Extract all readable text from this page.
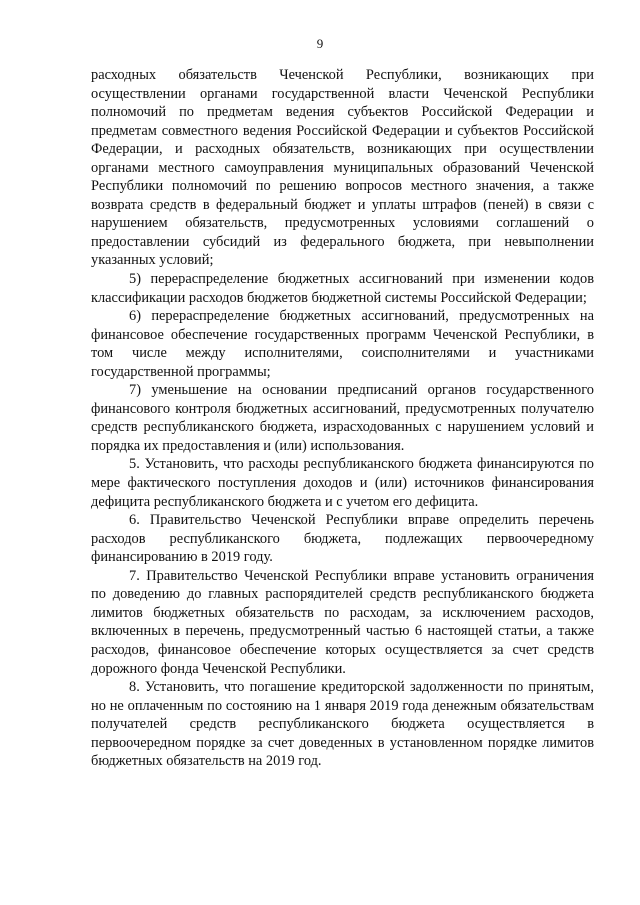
9

расходных обязательств Чеченской Республики, возникающих при осуществлении органами государственной власти Чеченской Республики полномочий по предметам ведения субъектов Российской Федерации и предметам совместного ведения Российской Федерации и субъектов Российской Федерации, и расходных обязательств, возникающих при осуществлении органами местного самоуправления муниципальных образований Чеченской Республики полномочий по решению вопросов местного значения, а также возврата средств в федеральный бюджет и уплаты штрафов (пеней) в связи с нарушением обязательств, предусмотренных условиями соглашений о предоставлении субсидий из федерального бюджета, при невыполнении указанных условий;

5) перераспределение бюджетных ассигнований при изменении кодов классификации расходов бюджетов бюджетной системы Российской Федерации;

6) перераспределение бюджетных ассигнований, предусмотренных на финансовое обеспечение государственных программ Чеченской Республики, в том числе между исполнителями, соисполнителями и участниками государственной программы;

7) уменьшение на основании предписаний органов государственного финансового контроля бюджетных ассигнований, предусмотренных получателю средств республиканского бюджета, израсходованных с нарушением условий и порядка их предоставления и (или) использования.

5. Установить, что расходы республиканского бюджета финансируются по мере фактического поступления доходов и (или) источников финансирования дефицита республиканского бюджета и с учетом его дефицита.

6. Правительство Чеченской Республики вправе определить перечень расходов республиканского бюджета, подлежащих первоочередному финансированию в 2019 году.

7. Правительство Чеченской Республики вправе установить ограничения по доведению до главных распорядителей средств республиканского бюджета лимитов бюджетных обязательств по расходам, за исключением расходов, включенных в перечень, предусмотренный частью 6 настоящей статьи, а также расходов, финансовое обеспечение которых осуществляется за счет средств дорожного фонда Чеченской Республики.

8. Установить, что погашение кредиторской задолженности по принятым, но не оплаченным по состоянию на 1 января 2019 года денежным обязательствам получателей средств республиканского бюджета осуществляется в первоочередном порядке за счет доведенных в установленном порядке лимитов бюджетных обязательств на 2019 год.
